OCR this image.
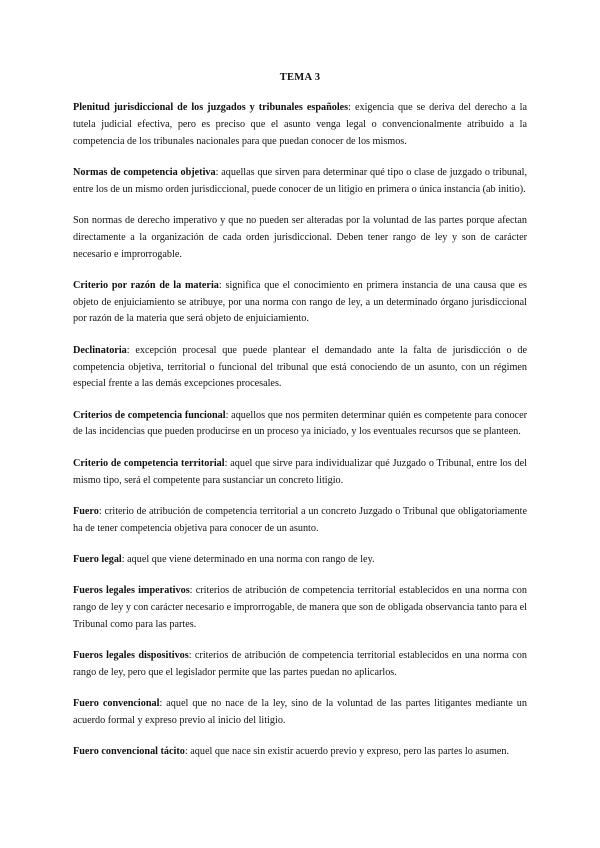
TEMA 3

Plenitud jurisdiccional de los juzgados y tribunales españoles: exigencia que se deriva del derecho a la tutela judicial efectiva, pero es preciso que el asunto venga legal o convencionalmente atribuido a la competencia de los tribunales nacionales para que puedan conocer de los mismos.

Normas de competencia objetiva: aquellas que sirven para determinar qué tipo o clase de juzgado o tribunal, entre los de un mismo orden jurisdiccional, puede conocer de un litigio en primera o única instancia (ab initio).

Son normas de derecho imperativo y que no pueden ser alteradas por la voluntad de las partes porque afectan directamente a la organización de cada orden jurisdiccional. Deben tener rango de ley y son de carácter necesario e improrrogable.

Criterio por razón de la materia: significa que el conocimiento en primera instancia de una causa que es objeto de enjuiciamiento se atribuye, por una norma con rango de ley, a un determinado órgano jurisdiccional por razón de la materia que será objeto de enjuiciamiento.

Declinatoria: excepción procesal que puede plantear el demandado ante la falta de jurisdicción o de competencia objetiva, territorial o funcional del tribunal que está conociendo de un asunto, con un régimen especial frente a las demás excepciones procesales.

Criterios de competencia funcional: aquellos que nos permiten determinar quién es competente para conocer de las incidencias que pueden producirse en un proceso ya iniciado, y los eventuales recursos que se planteen.

Criterio de competencia territorial: aquel que sirve para individualizar qué Juzgado o Tribunal, entre los del mismo tipo, será el competente para sustanciar un concreto litigio.

Fuero: criterio de atribución de competencia territorial a un concreto Juzgado o Tribunal que obligatoriamente ha de tener competencia objetiva para conocer de un asunto.

Fuero legal: aquel que viene determinado en una norma con rango de ley.

Fueros legales imperativos: criterios de atribución de competencia territorial establecidos en una norma con rango de ley y con carácter necesario e improrrogable, de manera que son de obligada observancia tanto para el Tribunal como para las partes.

Fueros legales dispositivos: criterios de atribución de competencia territorial establecidos en una norma con rango de ley, pero que el legislador permite que las partes puedan no aplicarlos.

Fuero convencional: aquel que no nace de la ley, sino de la voluntad de las partes litigantes mediante un acuerdo formal y expreso previo al inicio del litigio.

Fuero convencional tácito: aquel que nace sin existir acuerdo previo y expreso, pero las partes lo asumen.
